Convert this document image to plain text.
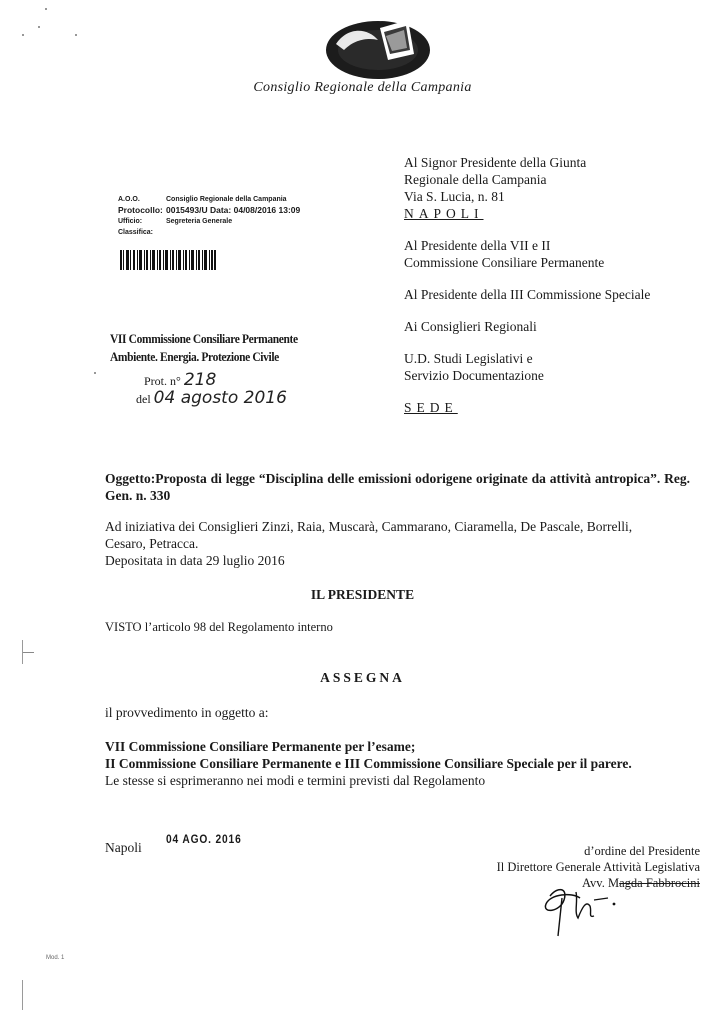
Consiglio Regionale della Campania
Al Signor Presidente della Giunta
Regionale della Campania
Via S. Lucia, n. 81
NAPOLI
Al Presidente della VII e II
Commissione Consiliare Permanente
Al Presidente della III Commissione Speciale
Ai Consiglieri Regionali
U.D. Studi Legislativi e
Servizio Documentazione
SEDE
A.O.O.	Consiglio Regionale della Campania
Protocollo: 0015493/U
Data:
04/08/2016 13:09
Ufficio:	Segreteria Generale
Classifica:
VII Commissione Consiliare Permanente
Ambiente. Energia. Protezione Civile
Prot. n° 218
del 04 agosto 2016
Oggetto:Proposta di legge “Disciplina delle emissioni odorigene originate da attività antropica”. Reg. Gen. n. 330
Ad iniziativa dei Consiglieri Zinzi, Raia, Muscarà, Cammarano, Ciaramella, De Pascale, Borrelli,
Cesaro, Petracca.
Depositata in data 29 luglio 2016
IL PRESIDENTE
VISTO l’articolo 98 del Regolamento interno
ASSEGNA
il provvedimento in oggetto a:
VII Commissione Consiliare Permanente per l’esame;
II Commissione Consiliare Permanente e III Commissione Consiliare Speciale per il parere.
Le stesse si esprimeranno nei modi e termini previsti dal Regolamento
Napoli
04 AGO. 2016
d’ordine del Presidente
Il Direttore Generale Attività Legislativa
Avv. Magda Fabbrocini
Mod. 1
